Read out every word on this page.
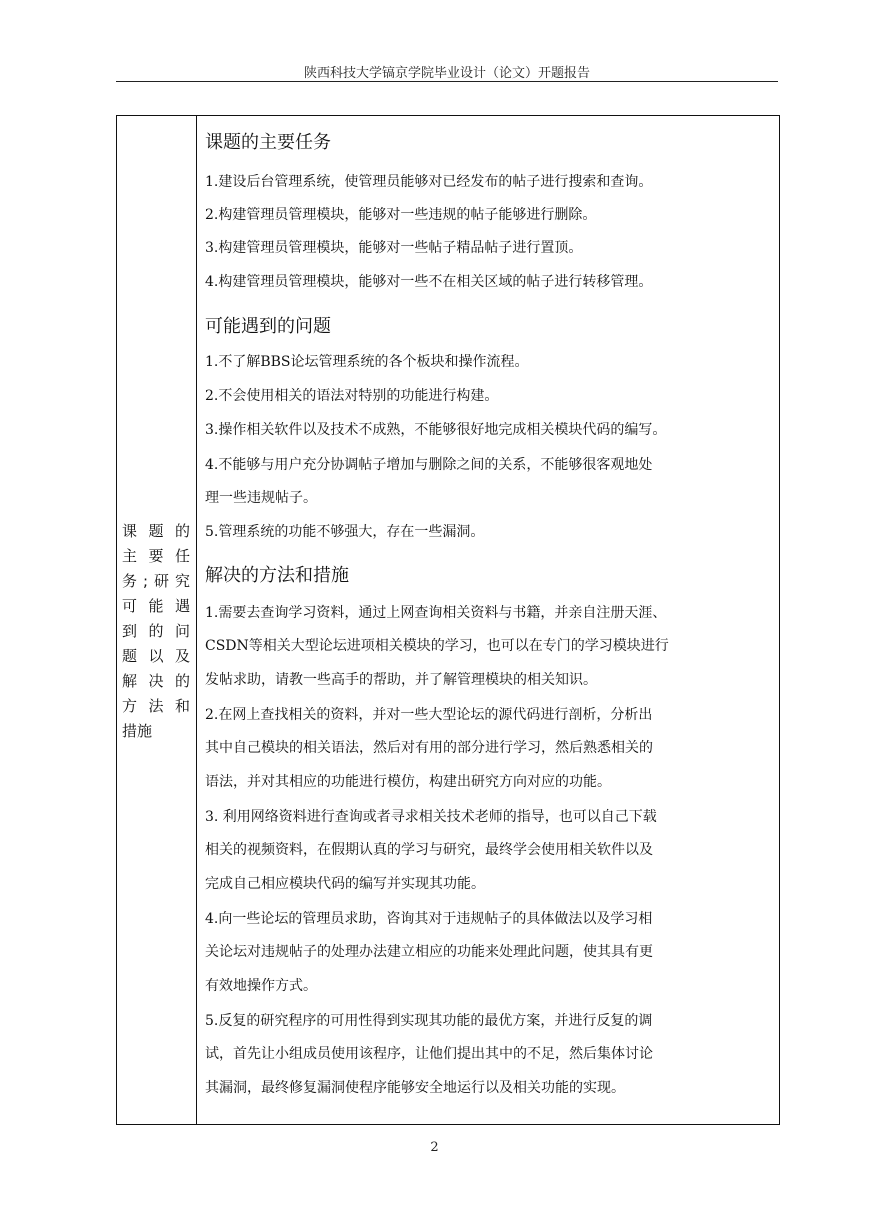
陕西科技大学镐京学院毕业设计（论文）开题报告
课 题 的
主 要 任
务;研究
可 能 遇
到 的 问
题 以 及
解 决 的
方 法 和
措施
课题的主要任务
1.建设后台管理系统，使管理员能够对已经发布的帖子进行搜索和查询。
2.构建管理员管理模块，能够对一些违规的帖子能够进行删除。
3.构建管理员管理模块，能够对一些帖子精品帖子进行置顶。
4.构建管理员管理模块，能够对一些不在相关区域的帖子进行转移管理。
可能遇到的问题
1.不了解BBS论坛管理系统的各个板块和操作流程。
2.不会使用相关的语法对特别的功能进行构建。
3.操作相关软件以及技术不成熟，不能够很好地完成相关模块代码的编写。
4.不能够与用户充分协调帖子增加与删除之间的关系，不能够很客观地处
理一些违规帖子。
5.管理系统的功能不够强大，存在一些漏洞。
解决的方法和措施
1.需要去查询学习资料，通过上网查询相关资料与书籍，并亲自注册天涯、
CSDN等相关大型论坛进项相关模块的学习，也可以在专门的学习模块进行
发帖求助，请教一些高手的帮助，并了解管理模块的相关知识。
2.在网上查找相关的资料，并对一些大型论坛的源代码进行剖析，分析出
其中自己模块的相关语法，然后对有用的部分进行学习，然后熟悉相关的
语法，并对其相应的功能进行模仿，构建出研究方向对应的功能。
3. 利用网络资料进行查询或者寻求相关技术老师的指导，也可以自己下载
相关的视频资料，在假期认真的学习与研究，最终学会使用相关软件以及
完成自己相应模块代码的编写并实现其功能。
4.向一些论坛的管理员求助，咨询其对于违规帖子的具体做法以及学习相
关论坛对违规帖子的处理办法建立相应的功能来处理此问题，使其具有更
有效地操作方式。
5.反复的研究程序的可用性得到实现其功能的最优方案，并进行反复的调
试，首先让小组成员使用该程序，让他们提出其中的不足，然后集体讨论
其漏洞，最终修复漏洞使程序能够安全地运行以及相关功能的实现。
2
